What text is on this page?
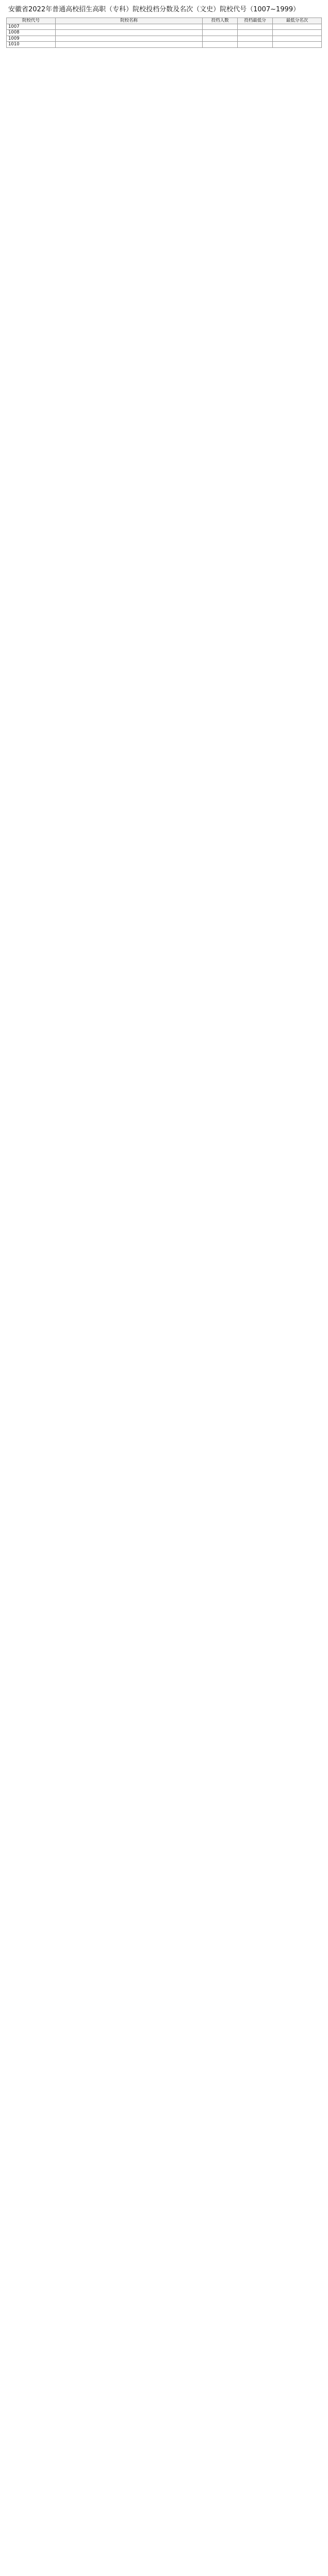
安徽省2022年普通高校招生高职（专科）院校投档分数及名次（文史）院校代号（1007~1999）
院校代号	院校名称	投档人数	投档最低分	最低分名次
1007				
1008				
1009				
1010				
